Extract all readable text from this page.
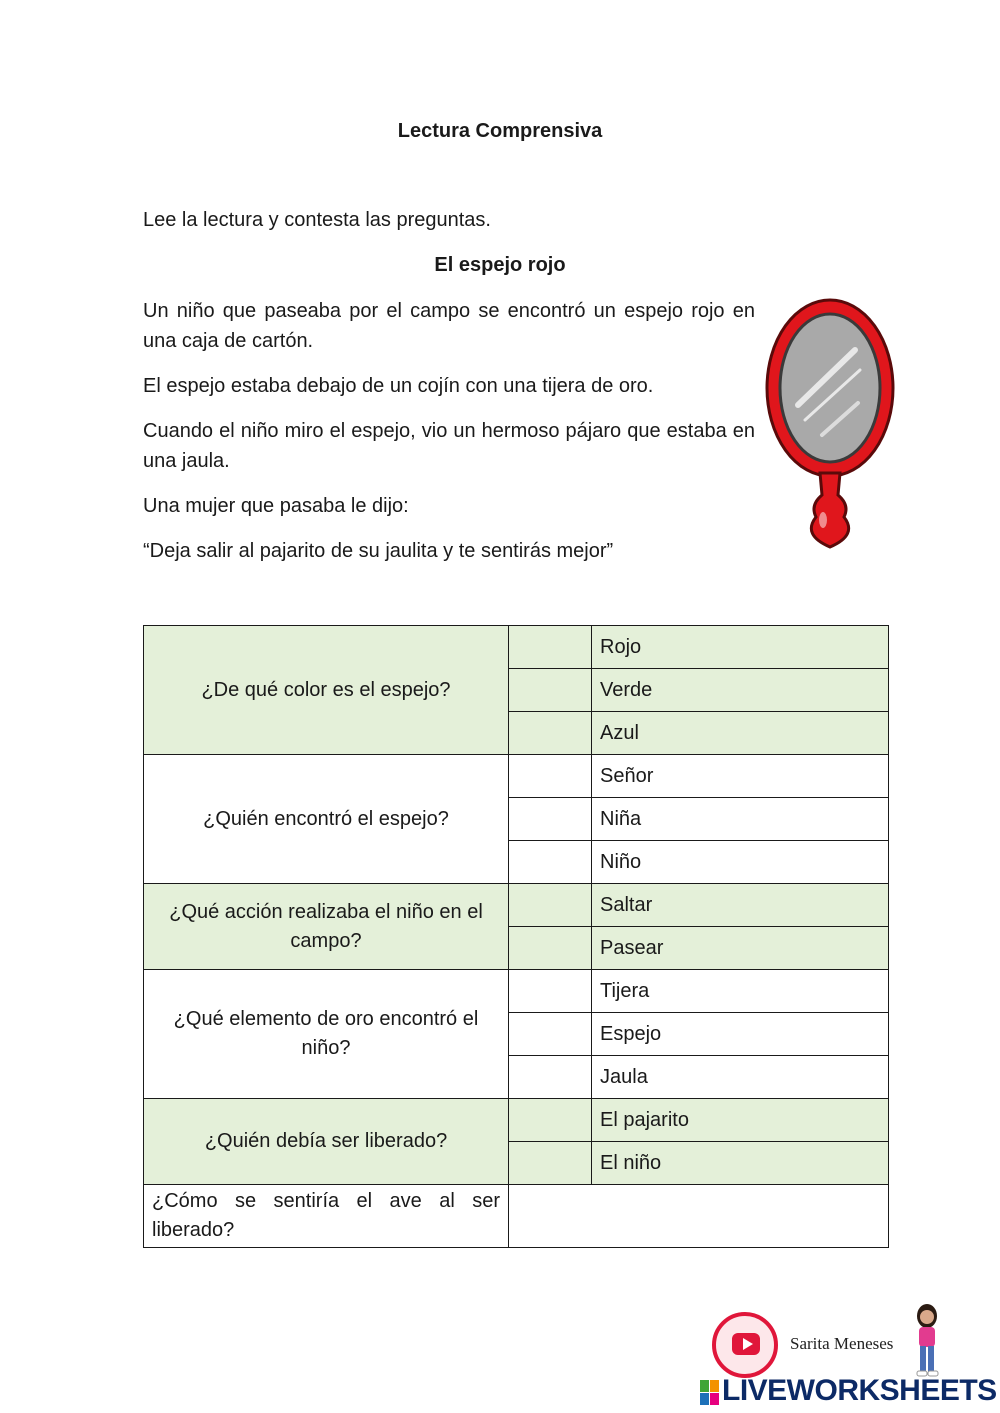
Lectura Comprensiva
Lee la lectura y contesta las preguntas.
El espejo rojo

Un niño que paseaba por el campo se encontró un espejo rojo en una caja de cartón.

El espejo estaba debajo de un cojín con una tijera de oro.

Cuando el niño miro el espejo, vio un hermoso pájaro que estaba en una jaula.

Una mujer que pasaba le dijo:

“Deja salir al pajarito de su jaulita y te sentirás mejor”

¿De qué color es el espejo?		Rojo
		Verde
		Azul
¿Quién encontró el espejo?		Señor
		Niña
		Niño
¿Qué acción realizaba el niño en el campo?		Saltar
		Pasear
¿Qué elemento de oro encontró el niño?		Tijera
		Espejo
		Jaula
¿Quién debía ser liberado?		El pajarito
		El niño
¿Cómo se sentiría el ave al ser liberado?		
Sarita Meneses
LIVEWORKSHEETS
